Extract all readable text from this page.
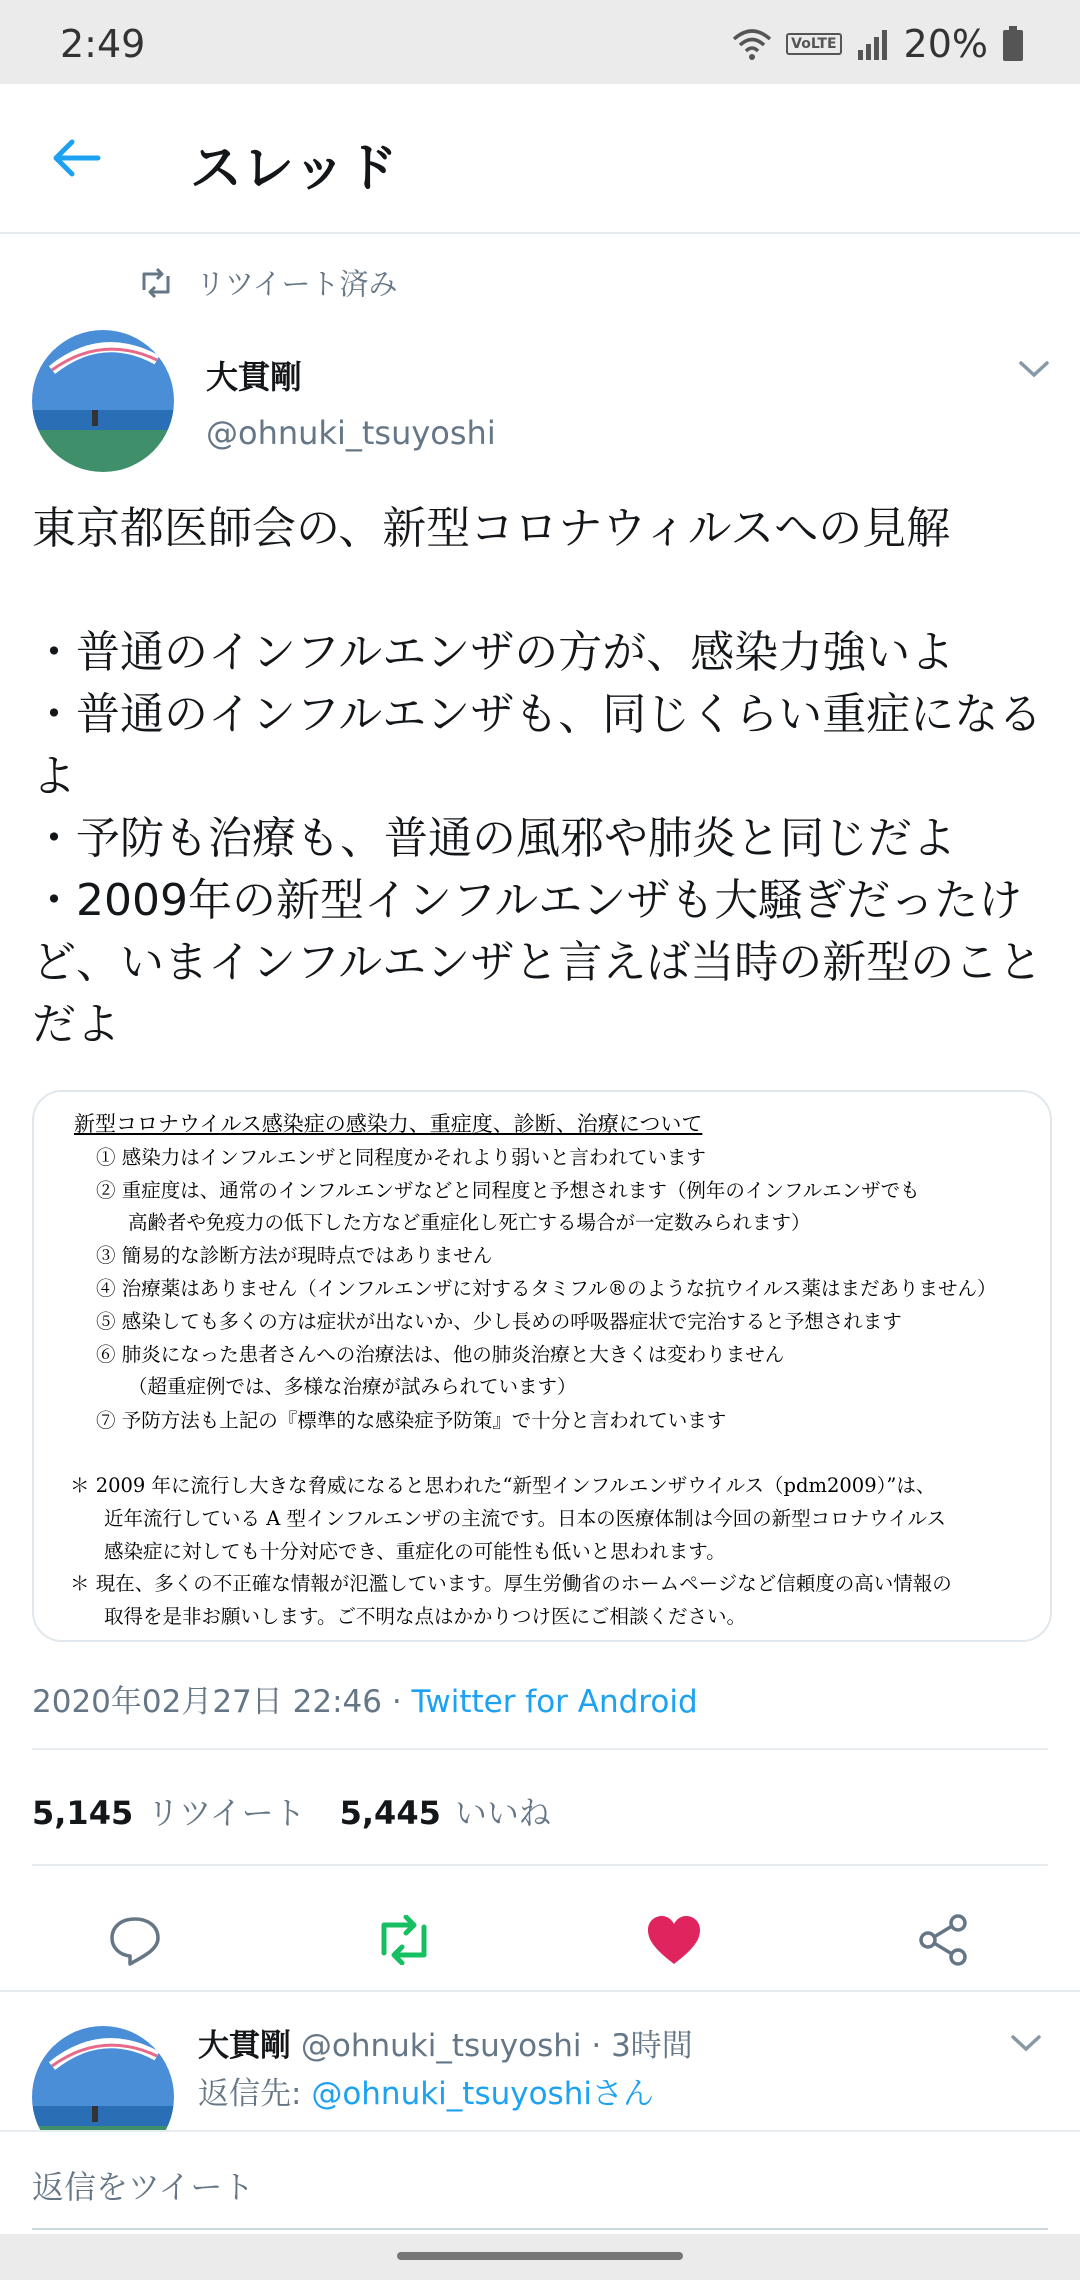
2:49	VoLTE 20%
スレッド
リツイート済み
大貫剛
@ohnuki_tsuyoshi
東京都医師会の、新型コロナウィルスへの見解

・普通のインフルエンザの方が、感染力強いよ
・普通のインフルエンザも、同じくらい重症になるよ
・予防も治療も、普通の風邪や肺炎と同じだよ
・2009年の新型インフルエンザも大騒ぎだったけど、いまインフルエンザと言えば当時の新型のことだよ
新型コロナウイルス感染症の感染力、重症度、診断、治療について
① 感染力はインフルエンザと同程度かそれより弱いと言われています
② 重症度は、通常のインフルエンザなどと同程度と予想されます（例年のインフルエンザでも
高齢者や免疫力の低下した方など重症化し死亡する場合が一定数みられます）
③ 簡易的な診断方法が現時点ではありません
④ 治療薬はありません（インフルエンザに対するタミフル®のような抗ウイルス薬はまだありません）
⑤ 感染しても多くの方は症状が出ないか、少し長めの呼吸器症状で完治すると予想されます
⑥ 肺炎になった患者さんへの治療法は、他の肺炎治療と大きくは変わりません
（超重症例では、多様な治療が試みられています）
⑦ 予防方法も上記の『標準的な感染症予防策』で十分と言われています
＊ 2009 年に流行し大きな脅威になると思われた“新型インフルエンザウイルス（pdm2009）”は、
近年流行している A 型インフルエンザの主流です。日本の医療体制は今回の新型コロナウイルス
感染症に対しても十分対応でき、重症化の可能性も低いと思われます。
＊ 現在、多くの不正確な情報が氾濫しています。厚生労働省のホームページなど信頼度の高い情報の
取得を是非お願いします。ご不明な点はかかりつけ医にご相談ください。
2020年02月27日 22:46 · Twitter for Android
5,145 リツイート 5,445 いいね
大貫剛 @ohnuki_tsuyoshi · 3時間
返信先: @ohnuki_tsuyoshiさん
返信をツイート
